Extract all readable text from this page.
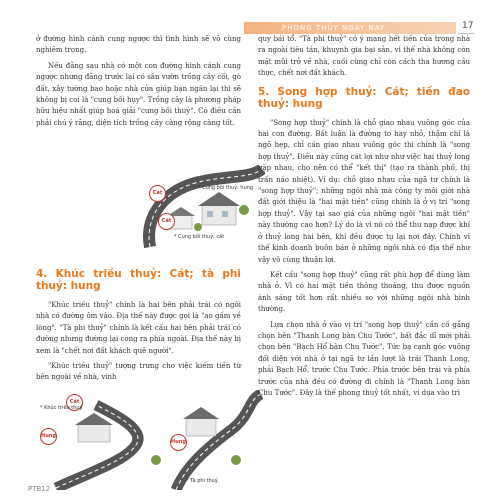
PHONG THỦY NGÀY NAY	17

ở đường hình cánh cung ngược thì tình hình sẽ vô cùng nghiêm trọng.

Nếu đằng sau nhà có một con đường hình cánh cung ngược nhưng đằng trước lại có sân vườn trồng cây cối, gò đất, xây tường bao hoặc nhà cửa giúp bạn ngăn lại thì sẽ không bị coi là "cung bối hụy". Trồng cây là phương pháp hữu hiệu nhất giúp hoá giải "cung bối thuỷ". Có điều cần phải chú ý rằng, diện tích trồng cây càng rộng càng tốt.

Cát
Cát
* Cung bối thuỷ: hung
* Cung bối thuỷ: cát
4. Khúc triều thuỷ: Cát; tà phi thuỷ: hung

"Khúc triều thuỷ" chính là hai bên phải trái có ngôi nhà có đường ôm vào. Địa thế này được gọi là "ao gấm về lòng". "Tà phi thuỷ" chính là kết cấu hai bên phải trái có đường nhưng đường lại cong ra phía ngoài. Địa thế này bị xem là "chết nơi đất khách quê người".

"Khúc triều thuỷ" tượng trưng cho việc kiếm tiền từ bên ngoài về nhà, vinh

Cát
Hung
Hung
* Khúc triều thuỷ
* Tà phi thuỷ

quy bái tổ. "Tà phi thuỷ" có ý mang hết tiền của trong nhà ra ngoài tiêu tán, khuynh gia bại sản, vì thế nhà không còn mặt mũi trở về nhà, cuối cùng chỉ còn cách tha hương cầu thực, chết nơi đất khách.

5. Song hợp thuỷ: Cát; tiền đao thuỷ: hung

"Song hợp thuỷ" chính là chỗ giao nhau vuông góc của hai con đường. Bất luận là đường to hay nhỏ, thậm chí là ngõ hẹp, chỉ cần giao nhau vuông góc thì chính là "song hợp thuỷ". Điều này cũng cát lợi như như việc hai thuỷ long gặp nhau, cho nên có thể "kết thị" (tạo ra thành phố, thị trấn náo nhiệt). Ví dụ: chỗ giao nhau của ngã tư chính là "song hợp thuỷ"; những ngôi nhà mà công ty môi giới nhà đất giới thiệu là "hai mặt tiền" cũng chính là ở vị trí "song hợp thuỷ". Vậy tại sao giá của những ngôi "hai mặt tiền" này thường cao hơn? Lý do là vì nó có thể thu nạp được khí ở thuỷ long hai bên, khí đều được tụ lại nơi đây. Chính vì thế kinh doanh buôn bán ở những ngôi nhà có địa thế như vậy vô cùng thuận lợi.

Kết cấu "song hợp thuỷ" cũng rất phù hợp để dùng làm nhà ở. Vì có hai mặt tiền thông thoáng, thu được nguồn ánh sáng tốt hơn rất nhiều so với những ngôi nhà bình thường.

Lựa chọn nhà ở vào vị trí "song hợp thuỷ" cần cố gắng chọn bên "Thanh Long bàn Chu Tước", bất đắc dĩ mới phải chọn bên "Bạch Hổ bàn Chu Tước". Tức bạ cạnh góc vuông đối diện với nhà ở tại ngã tư lần lượt là trái Thanh Long, phải Bạch Hổ, trước Chu Tước. Phía trước bên trái và phía trước của nhà đều có đường đi chính là "Thanh Long bàn Chu Tước". Đây là thế phong thuỷ tốt nhất, ví dụa vào trì

PTB12
